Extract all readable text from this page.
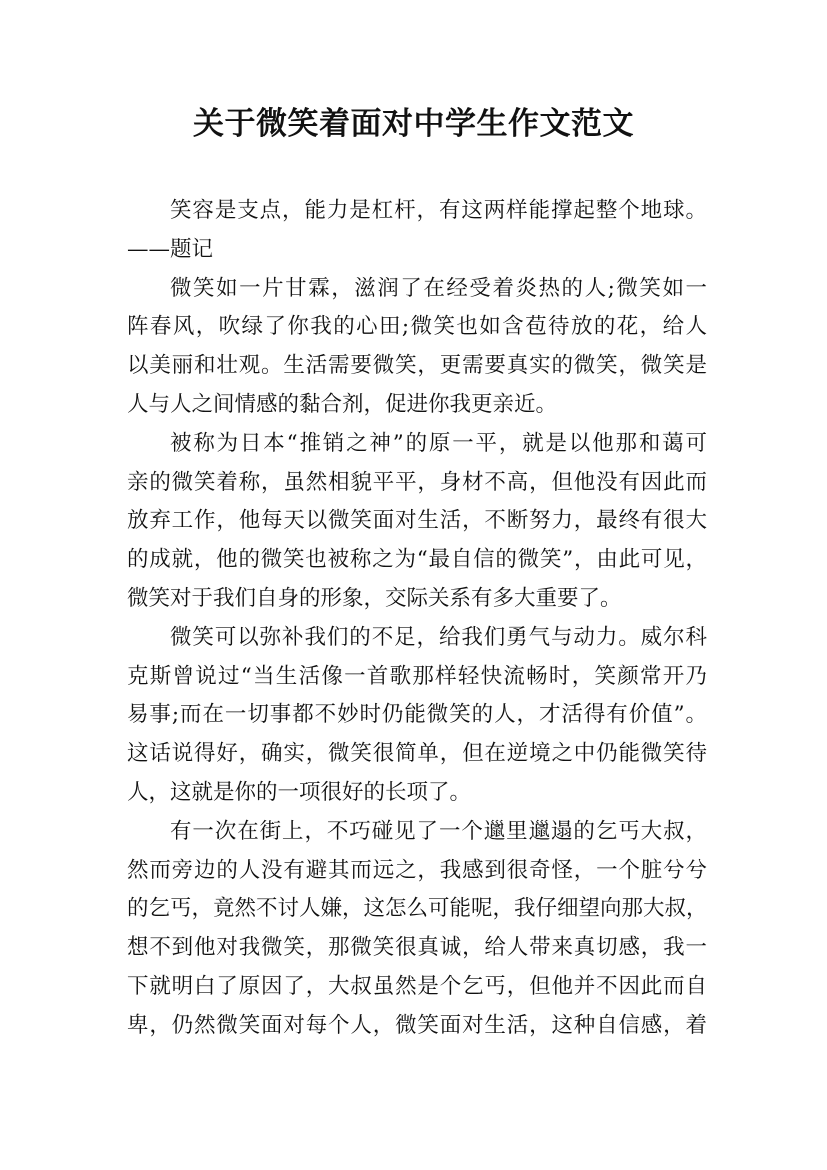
关于微笑着面对中学生作文范文
笑容是支点，能力是杠杆，有这两样能撑起整个地球。
——题记
微笑如一片甘霖，滋润了在经受着炎热的人;微笑如一
阵春风，吹绿了你我的心田;微笑也如含苞待放的花，给人
以美丽和壮观。生活需要微笑，更需要真实的微笑，微笑是
人与人之间情感的黏合剂，促进你我更亲近。
被称为日本“推销之神”的原一平，就是以他那和蔼可
亲的微笑着称，虽然相貌平平，身材不高，但他没有因此而
放弃工作，他每天以微笑面对生活，不断努力，最终有很大
的成就，他的微笑也被称之为“最自信的微笑”，由此可见，
微笑对于我们自身的形象，交际关系有多大重要了。
微笑可以弥补我们的不足，给我们勇气与动力。威尔科
克斯曾说过“当生活像一首歌那样轻快流畅时，笑颜常开乃
易事;而在一切事都不妙时仍能微笑的人，才活得有价值”。
这话说得好，确实，微笑很简单，但在逆境之中仍能微笑待
人，这就是你的一项很好的长项了。
有一次在街上，不巧碰见了一个邋里邋遢的乞丐大叔，
然而旁边的人没有避其而远之，我感到很奇怪，一个脏兮兮
的乞丐，竟然不讨人嫌，这怎么可能呢，我仔细望向那大叔，
想不到他对我微笑，那微笑很真诚，给人带来真切感，我一
下就明白了原因了，大叔虽然是个乞丐，但他并不因此而自
卑，仍然微笑面对每个人，微笑面对生活，这种自信感，着
